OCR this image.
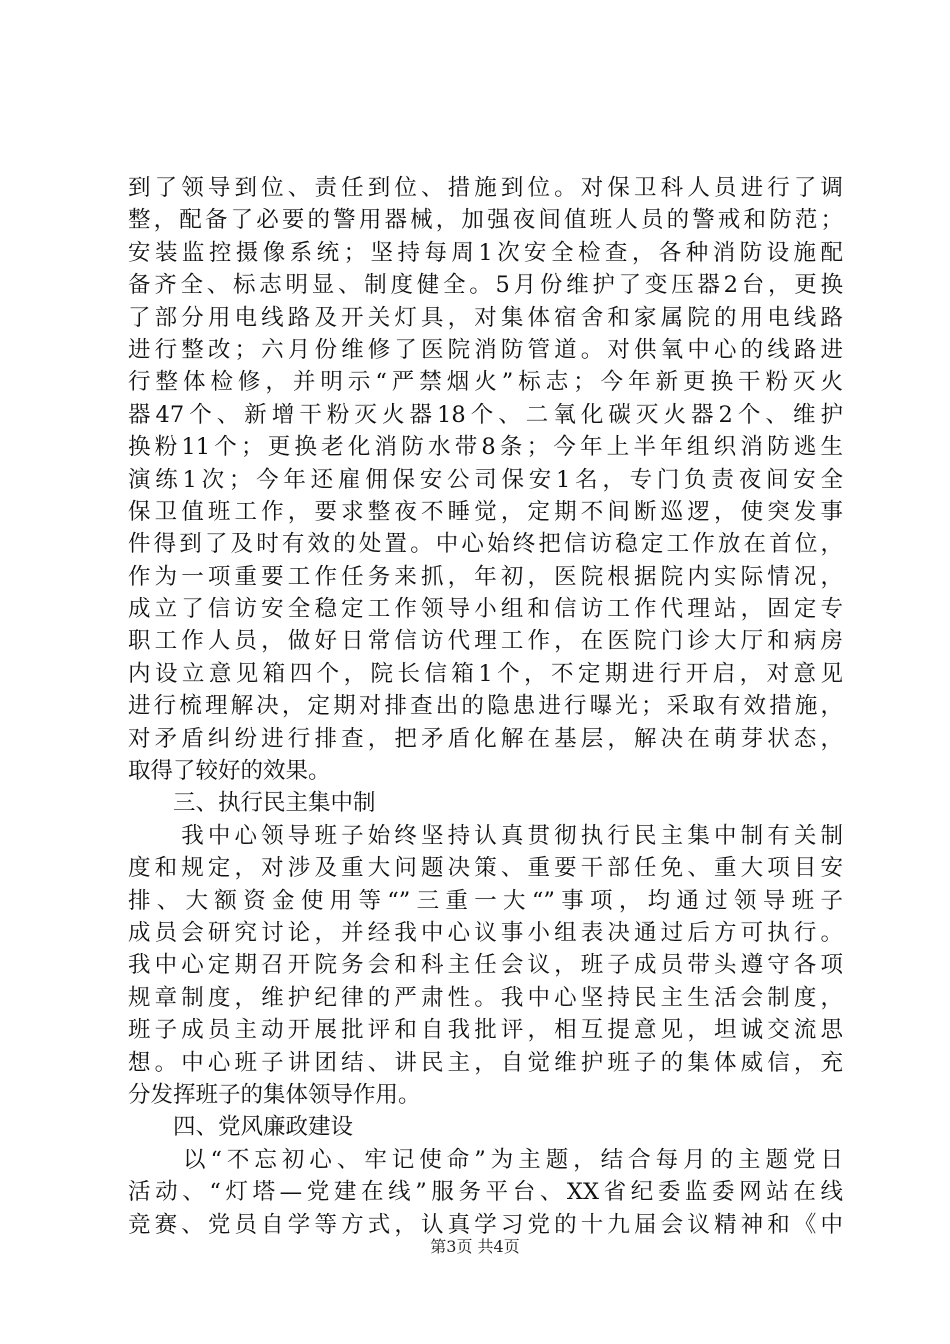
到了领导到位、责任到位、措施到位。对保卫科人员进行了调
整，配备了必要的警用器械，加强夜间值班人员的警戒和防范；
安装监控摄像系统；坚持每周1次安全检查，各种消防设施配
备齐全、标志明显、制度健全。5月份维护了变压器2台，更换
了部分用电线路及开关灯具，对集体宿舍和家属院的用电线路
进行整改；六月份维修了医院消防管道。对供氧中心的线路进
行整体检修，并明示“严禁烟火”标志；今年新更换干粉灭火
器47个、新增干粉灭火器18个、二氧化碳灭火器2个、维护
换粉11个；更换老化消防水带8条；今年上半年组织消防逃生
演练1次；今年还雇佣保安公司保安1名，专门负责夜间安全
保卫值班工作，要求整夜不睡觉，定期不间断巡逻，使突发事
件得到了及时有效的处置。中心始终把信访稳定工作放在首位，
作为一项重要工作任务来抓，年初，医院根据院内实际情况，
成立了信访安全稳定工作领导小组和信访工作代理站，固定专
职工作人员，做好日常信访代理工作，在医院门诊大厅和病房
内设立意见箱四个，院长信箱1个，不定期进行开启，对意见
进行梳理解决，定期对排查出的隐患进行曝光；采取有效措施，
对矛盾纠纷进行排查，把矛盾化解在基层，解决在萌芽状态，
取得了较好的效果。
　　三、执行民主集中制
　　我中心领导班子始终坚持认真贯彻执行民主集中制有关制
度和规定，对涉及重大问题决策、重要干部任免、重大项目安
排、大额资金使用等“”三重一大“”事项，均通过领导班子
成员会研究讨论，并经我中心议事小组表决通过后方可执行。
我中心定期召开院务会和科主任会议，班子成员带头遵守各项
规章制度，维护纪律的严肃性。我中心坚持民主生活会制度，
班子成员主动开展批评和自我批评，相互提意见，坦诚交流思
想。中心班子讲团结、讲民主，自觉维护班子的集体威信，充
分发挥班子的集体领导作用。
　　四、党风廉政建设
　　以“不忘初心、牢记使命”为主题，结合每月的主题党日
活动、“灯塔—党建在线”服务平台、XX省纪委监委网站在线
竞赛、党员自学等方式，认真学习党的十九届会议精神和《中
第3页 共4页
